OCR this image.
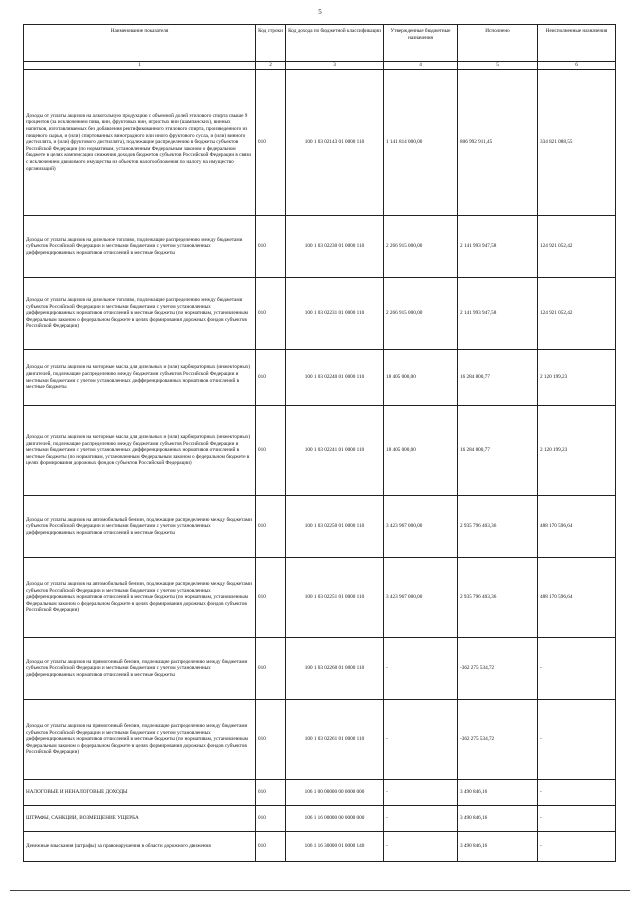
5
Наименование показателя	Код строки	Код дохода по бюджетной классификации	Утвержденные бюджетные назначения	Исполнено	Неисполненные назначения
1	2	3	4	5	6
Доходы от уплаты акцизов на алкогольную продукцию с объемной долей этилового спирта свыше 9 процентов (за исключением пива, вин, фруктовых вин, игристых вин (шампанских), винных напитков, изготавливаемых без добавления ректификованного этилового спирта, произведенного из пищевого сырья, и (или) спиртованных виноградного или иного фруктового сусла, и (или) винного дистиллята, и (или) фруктового дистиллята), подлежащие распределению в бюджеты субъектов Российской Федерации (по нормативам, установленным Федеральным законом о федеральном бюджете в целях компенсации снижения доходов бюджетов субъектов Российской Федерации в связи с исключением движимого имущества из объектов налогообложения по налогу на имущество организаций)	010	100 1 03 02143 01 0000 110	1 141 814 000,00	806 992 911,45	334 821 088,55
Доходы от уплаты акцизов на дизельное топливо, подлежащие распределению между бюджетами субъектов Российской Федерации и местными бюджетами с учетом установленных дифференцированных нормативов отчислений в местные бюджеты	010	100 1 03 02230 01 0000 110	2 266 915 000,00	2 141 993 947,58	124 921 052,42
Доходы от уплаты акцизов на дизельное топливо, подлежащие распределению между бюджетами субъектов Российской Федерации и местными бюджетами с учетом установленных дифференцированных нормативов отчислений в местные бюджеты (по нормативам, установленным Федеральным законом о федеральном бюджете в целях формирования дорожных фондов субъектов Российской Федерации)	010	100 1 03 02231 01 0000 110	2 266 915 000,00	2 141 993 947,58	124 921 052,42
Доходы от уплаты акцизов на моторные масла для дизельных и (или) карбюраторных (инжекторных) двигателей, подлежащие распределению между бюджетами субъектов Российской Федерации и местными бюджетами с учетом установленных дифференцированных нормативов отчислений в местные бюджеты	010	100 1 03 02240 01 0000 110	18 405 000,00	16 284 800,77	2 120 199,23
Доходы от уплаты акцизов на моторные масла для дизельных и (или) карбюраторных (инжекторных) двигателей, подлежащие распределению между бюджетами субъектов Российской Федерации и местными бюджетами с учетом установленных дифференцированных нормативов отчислений в местные бюджеты (по нормативам, установленным Федеральным законом о федеральном бюджете в целях формирования дорожных фондов субъектов Российской Федерации)	010	100 1 03 02241 01 0000 110	18 405 000,00	16 284 800,77	2 120 199,23
Доходы от уплаты акцизов на автомобильный бензин, подлежащие распределению между бюджетами субъектов Российской Федерации и местными бюджетами с учетом установленных дифференцированных нормативов отчислений в местные бюджеты	010	100 1 03 02250 01 0000 110	3 423 967 000,00	2 935 796 403,36	488 170 596,64
Доходы от уплаты акцизов на автомобильный бензин, подлежащие распределению между бюджетами субъектов Российской Федерации и местными бюджетами с учетом установленных дифференцированных нормативов отчислений в местные бюджеты (по нормативам, установленным Федеральным законом о федеральном бюджете в целях формирования дорожных фондов субъектов Российской Федерации)	010	100 1 03 02251 01 0000 110	3 423 967 000,00	2 935 796 403,36	488 170 596,64
Доходы от уплаты акцизов на прямогонный бензин, подлежащие распределению между бюджетами субъектов Российской Федерации и местными бюджетами с учетом установленных дифференцированных нормативов отчислений в местные бюджеты	010	100 1 03 02260 01 0000 110	-	-362 275 534,72	-
Доходы от уплаты акцизов на прямогонный бензин, подлежащие распределению между бюджетами субъектов Российской Федерации и местными бюджетами с учетом установленных дифференцированных нормативов отчислений в местные бюджеты (по нормативам, установленным Федеральным законом о федеральном бюджете в целях формирования дорожных фондов субъектов Российской Федерации)	010	100 1 03 02261 01 0000 110	-	-362 275 534,72	-
НАЛОГОВЫЕ И НЕНАЛОГОВЫЕ ДОХОДЫ	010	106 1 00 00000 00 0000 000	-	3 490 846,16	-
ШТРАФЫ, САНКЦИИ, ВОЗМЕЩЕНИЕ УЩЕРБА	010	106 1 16 00000 00 0000 000	-	3 490 846,16	-
Денежные взыскания (штрафы) за правонарушения в области дорожного движения	010	106 1 16 30000 01 0000 140	-	3 490 846,16	-
